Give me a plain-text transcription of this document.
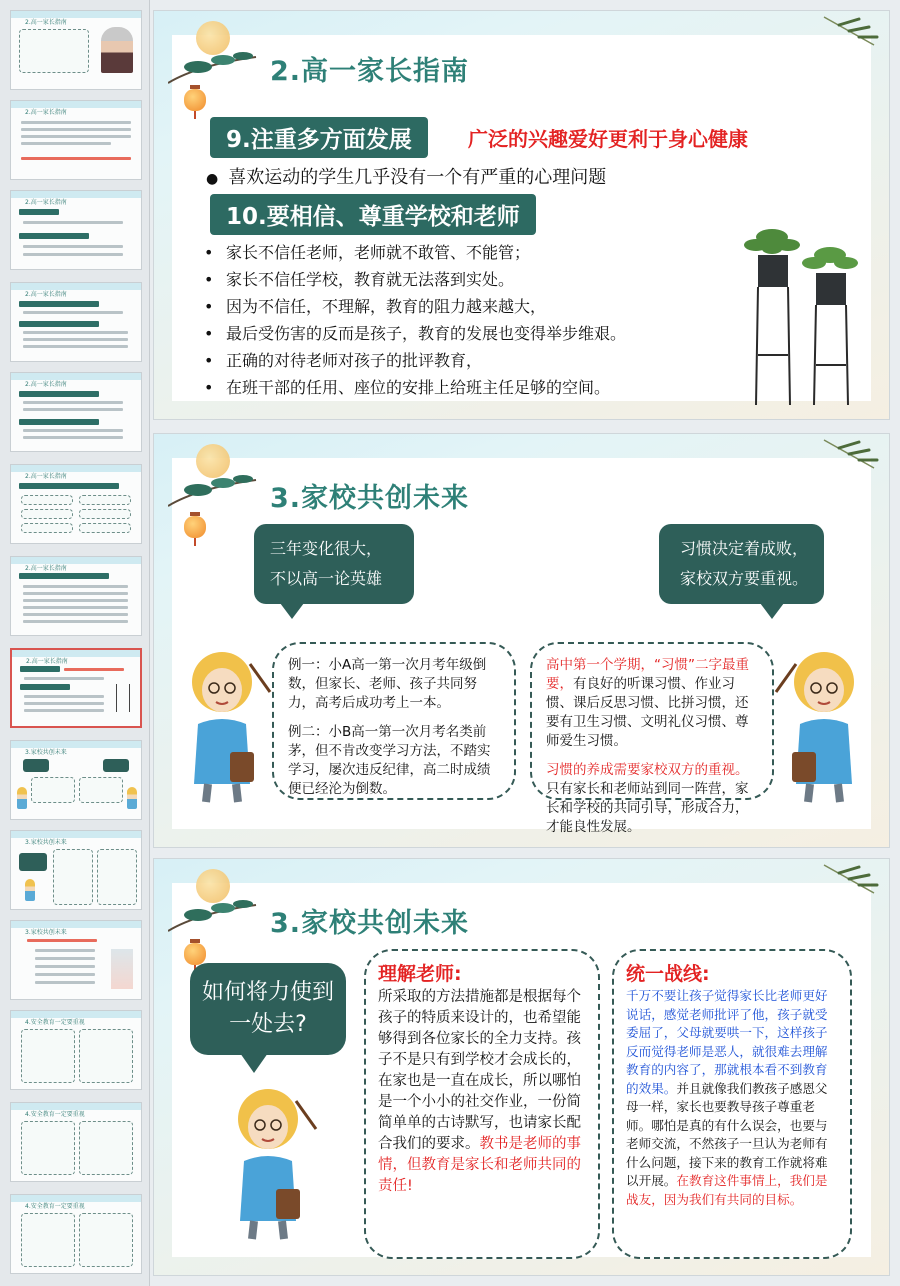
2.高一家长指南
2.高一家长指南
2.高一家长指南
2.高一家长指南
2.高一家长指南
2.高一家长指南
2.高一家长指南
2.高一家长指南
3.家校共创未来
3.家校共创未来
3.家校共创未来
4.安全教育一定要重视
4.安全教育一定要重视
4.安全教育一定要重视
2.高一家长指南
9.注重多方面发展	广泛的兴趣爱好更利于身心健康
● 喜欢运动的学生几乎没有一个有严重的心理问题
10.要相信、尊重学校和老师
• 家长不信任老师，老师就不敢管、不能管；
• 家长不信任学校，教育就无法落到实处。
• 因为不信任，不理解，教育的阻力越来越大，
• 最后受伤害的反而是孩子，教育的发展也变得举步维艰。
• 正确的对待老师对孩子的批评教育，
• 在班干部的任用、座位的安排上给班主任足够的空间。
3.家校共创未来
三年变化很大，
不以高一论英雄
习惯决定着成败，
家校双方要重视。

例一：小A高一第一次月考年级倒数，但家长、老师、孩子共同努力，高考后成功考上一本。

例二：小B高一第一次月考名类前茅，但不肯改变学习方法，不踏实学习，屡次违反纪律，高二时成绩便已经沦为倒数。

高中第一个学期，“习惯”二字最重要，有良好的听课习惯、作业习惯、课后反思习惯、比拼习惯，还要有卫生习惯、文明礼仪习惯、尊师爱生习惯。

习惯的养成需要家校双方的重视。只有家长和老师站到同一阵营，家长和学校的共同引导，形成合力，才能良性发展。

3.家校共创未来
如何将力使到一处去?
理解老师:

所采取的方法措施都是根据每个孩子的特质来设计的，也希望能够得到各位家长的全力支持。孩子不是只有到学校才会成长的，在家也是一直在成长，所以哪怕是一个小小的社交作业，一份简简单单的古诗默写，也请家长配合我们的要求。教书是老师的事情，但教育是家长和老师共同的责任!

统一战线:

千万不要让孩子觉得家长比老师更好说话，感觉老师批评了他，孩子就受委屈了，父母就要哄一下，这样孩子反而觉得老师是恶人，就很难去理解教育的内容了，那就根本看不到教育的效果。并且就像我们教孩子感恩父母一样，家长也要教导孩子尊重老师。哪怕是真的有什么误会，也要与老师交流，不然孩子一旦认为老师有什么问题，接下来的教育工作就将难以开展。在教育这件事情上，我们是战友，因为我们有共同的目标。
